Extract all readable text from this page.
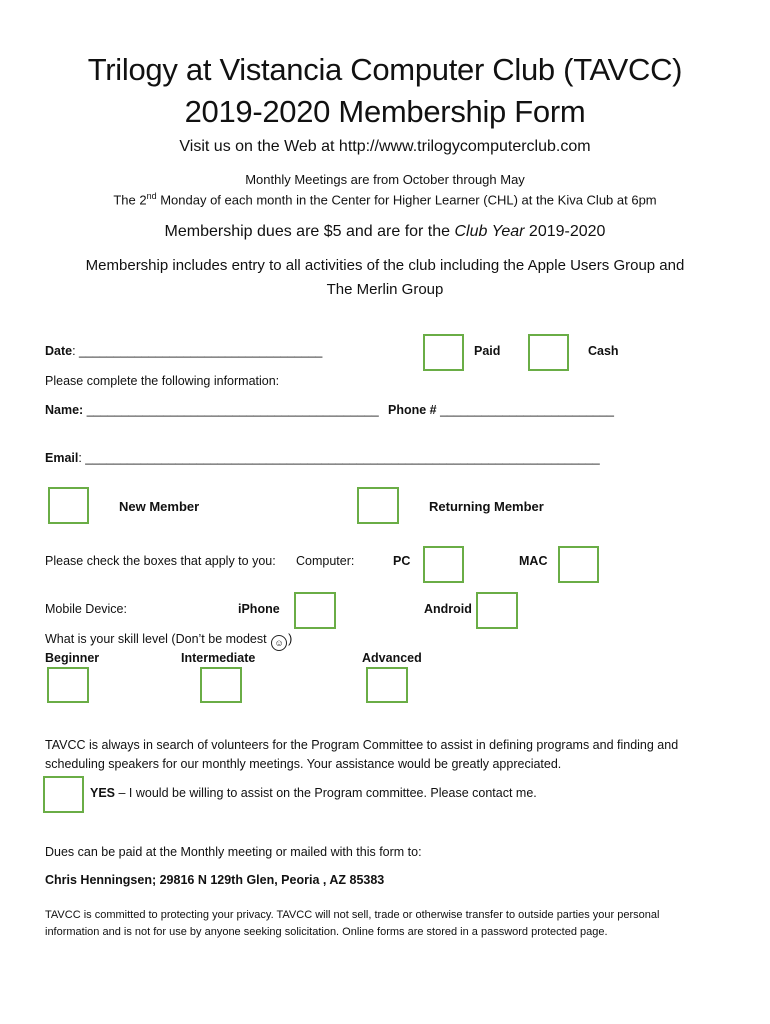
Trilogy at Vistancia Computer Club (TAVCC)
2019-2020 Membership Form
Visit us on the Web at http://www.trilogycomputerclub.com
Monthly Meetings are from October through May
The 2nd Monday of each month in the Center for Higher Learner (CHL) at the Kiva Club at 6pm
Membership dues are $5 and are for the Club Year 2019-2020
Membership includes entry to all activities of the club including the Apple Users Group and
The Merlin Group
Date: ___________________________________	Paid	Cash
Please complete the following information:
Name: __________________________________________ Phone # _________________________
Email: __________________________________________________________________________
New Member	Returning Member
Please check the boxes that apply to you: Computer:	PC	MAC
Mobile Device:	iPhone	Android
What is your skill level (Don’t be modest ☺ )
Beginner	Intermediate	Advanced
TAVCC is always in search of volunteers for the Program Committee to assist in defining programs and finding and
scheduling speakers for our monthly meetings. Your assistance would be greatly appreciated.
YES – I would be willing to assist on the Program committee. Please contact me.
Dues can be paid at the Monthly meeting or mailed with this form to:
Chris Henningsen; 29816 N 129th Glen, Peoria , AZ 85383
TAVCC is committed to protecting your privacy. TAVCC will not sell, trade or otherwise transfer to outside parties your personal
information and is not for use by anyone seeking solicitation. Online forms are stored in a password protected page.
